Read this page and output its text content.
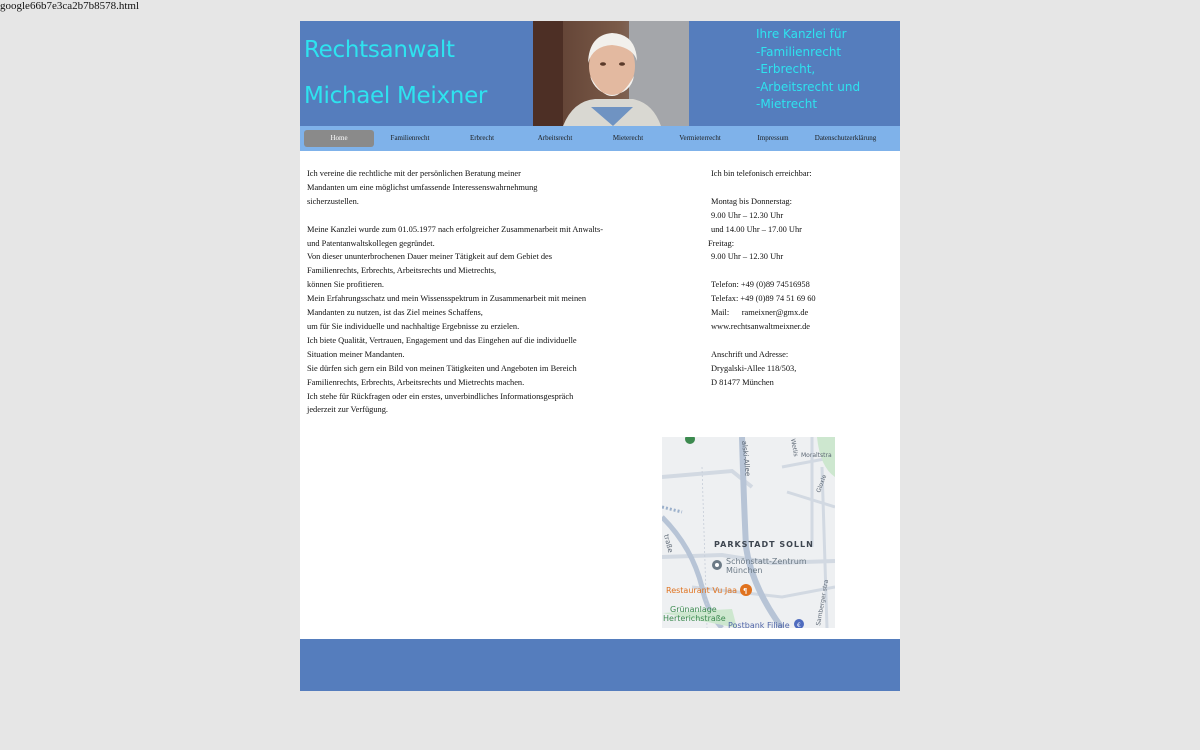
google66b7e3ca2b7b8578.html
Rechtsanwalt
Michael Meixner
Ihre Kanzlei für
-Familienrecht
-Erbrecht,
-Arbeitsrecht und
-Mietrecht
Home	Familienrecht	Erbrecht	Arbeitsrecht	Mieterecht	Vermieterrecht	Impressum	Datenschutzerklärung

Ich vereine die rechtliche mit der persönlichen Beratung meiner

Mandanten um eine möglichst umfassende Interessenswahrnehmung

sicherzustellen.

Meine Kanzlei wurde zum 01.05.1977 nach erfolgreicher Zusammenarbeit mit Anwalts-

und Patentanwaltskollegen gegründet.

Von dieser ununterbrochenen Dauer meiner Tätigkeit auf dem Gebiet des

Familienrechts, Erbrechts, Arbeitsrechts und Mietrechts,

können Sie profitieren.

Mein Erfahrungsschatz und mein Wissensspektrum in Zusammenarbeit mit meinen

Mandanten zu nutzen, ist das Ziel meines Schaffens,

um für Sie individuelle und nachhaltige Ergebnisse zu erzielen.

Ich biete Qualität, Vertrauen, Engagement und das Eingehen auf die individuelle

Situation meiner Mandanten.

Sie dürfen sich gern ein Bild von meinen Tätigkeiten und Angeboten im Bereich

Familienrechts, Erbrechts, Arbeitsrechts und Mietrechts machen.

Ich stehe für Rückfragen oder ein erstes, unverbindliches Informationsgespräch

jederzeit zur Verfügung.

Ich bin telefonisch erreichbar:

Montag bis Donnerstag:

9.00 Uhr – 12.30 Uhr

und 14.00 Uhr – 17.00 Uhr

Freitag:

9.00 Uhr – 12.30 Uhr

Telefon: +49 (0)89 74516958

Telefax: +49 (0)89 74 51 69 60

Mail:      rameixner@gmx.de

www.rechtsanwaltmeixner.de

Anschrift und Adresse:

Drygalski-Allee 118/503,

D 81477 München

alski-Allee
traße
Wetlis Moraltstra
Gloxle
PARKSTADT SOLLN
Schönstatt-Zentrum
München
Restaurant Vu Jaa ¶
Grünanlage
Herterichstraße
Postbank Filiale € Samberger stra
